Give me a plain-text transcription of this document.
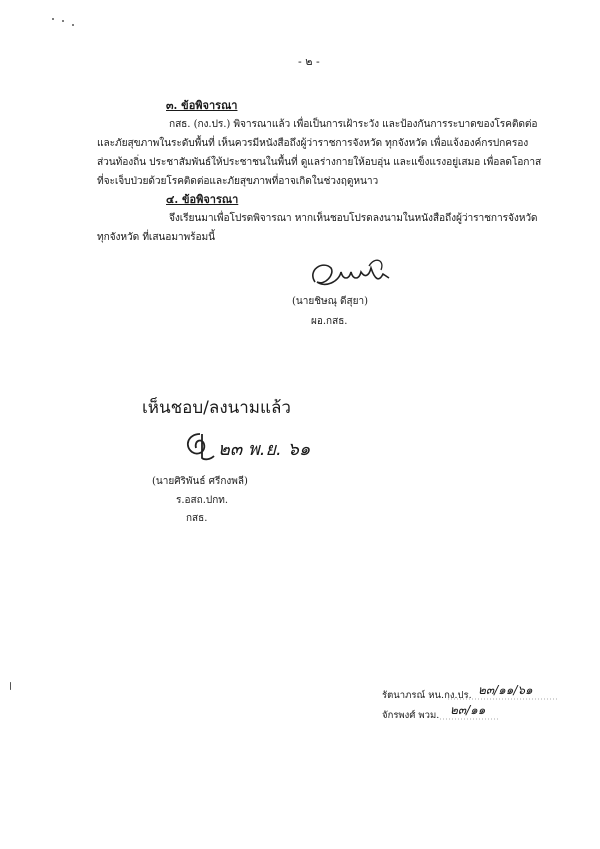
- ๒ -
๓. ข้อพิจารณา
กสธ. (กง.ปร.) พิจารณาแล้ว เพื่อเป็นการเฝ้าระวัง และป้องกันการระบาดของโรคติดต่อ
และภัยสุขภาพในระดับพื้นที่ เห็นควรมีหนังสือถึงผู้ว่าราชการจังหวัด ทุกจังหวัด เพื่อแจ้งองค์กรปกครอง
ส่วนท้องถิ่น ประชาสัมพันธ์ให้ประชาชนในพื้นที่ ดูแลร่างกายให้อบอุ่น และแข็งแรงอยู่เสมอ เพื่อลดโอกาส
ที่จะเจ็บป่วยด้วยโรคติดต่อและภัยสุขภาพที่อาจเกิดในช่วงฤดูหนาว
๔. ข้อพิจารณา
จึงเรียนมาเพื่อโปรดพิจารณา หากเห็นชอบโปรดลงนามในหนังสือถึงผู้ว่าราชการจังหวัด
ทุกจังหวัด ที่เสนอมาพร้อมนี้
(นายชิษณุ ดีสุยา)
ผอ.กสธ.
เห็นชอบ/ลงนามแล้ว
๒๓ พ.ย. ๖๑
(นายศิริพันธ์ ศรีกงพลี)
ร.อสถ.ปกท.
กสธ.
รัตนาภรณ์ หน.กง.ปร. ๒๓/๑๑/๖๑
จักรพงศ์ พวม. ๒๓/๑๑
